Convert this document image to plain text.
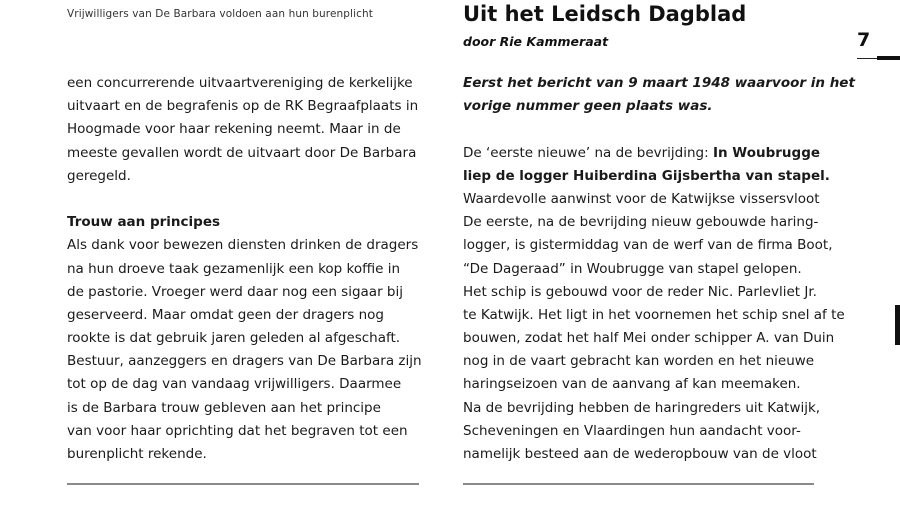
Vrijwilligers van De Barbara voldoen aan hun burenplicht	Uit het Leidsch Dagblad
door Rie Kammeraat	7
een concurrerende uitvaartvereniging de kerkelijke
uitvaart en de begrafenis op de RK Begraafplaats in
Hoogmade voor haar rekening neemt. Maar in de
meeste gevallen wordt de uitvaart door De Barbara
geregeld.
Trouw aan principes
Als dank voor bewezen diensten drinken de dragers
na hun droeve taak gezamenlijk een kop koffie in
de pastorie. Vroeger werd daar nog een sigaar bij
geserveerd. Maar omdat geen der dragers nog
rookte is dat gebruik jaren geleden al afgeschaft.
Bestuur, aanzeggers en dragers van De Barbara zijn
tot op de dag van vandaag vrijwilligers. Daarmee
is de Barbara trouw gebleven aan het principe
van voor haar oprichting dat het begraven tot een
burenplicht rekende.
Eerst het bericht van 9 maart 1948 waarvoor in het
vorige nummer geen plaats was.
De ‘eerste nieuwe’ na de bevrijding: In Woubrugge
liep de logger Huiberdina Gijsbertha van stapel.
Waardevolle aanwinst voor de Katwijkse vissersvloot
De eerste, na de bevrijding nieuw gebouwde haring-
logger, is gistermiddag van de werf van de firma Boot,
“De Dageraad” in Woubrugge van stapel gelopen.
Het schip is gebouwd voor de reder Nic. Parlevliet Jr.
te Katwijk. Het ligt in het voornemen het schip snel af te
bouwen, zodat het half Mei onder schipper A. van Duin
nog in de vaart gebracht kan worden en het nieuwe
haringseizoen van de aanvang af kan meemaken.
Na de bevrijding hebben de haringreders uit Katwijk,
Scheveningen en Vlaardingen hun aandacht voor-
namelijk besteed aan de wederopbouw van de vloot
